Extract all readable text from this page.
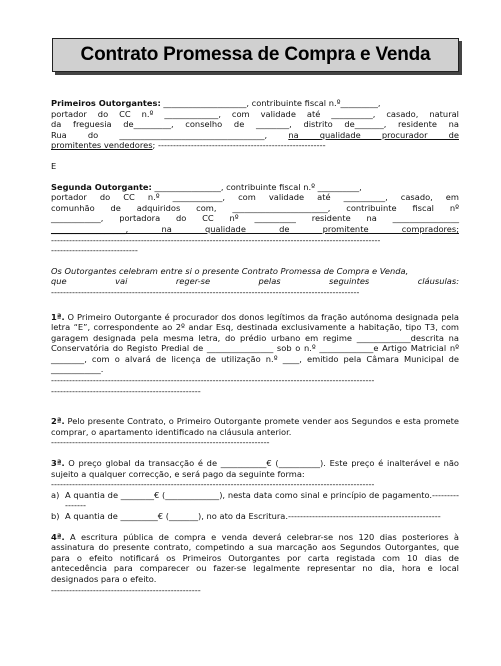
Contrato Promessa de Compra e Venda

Primeiros Outorgantes: ____________________, contribuinte fiscal n.º_________,

portador do CC n.º _____________, com validade até __________, casado, natural

da freguesia de_________, conselho de ________, distrito de_______, residente na

Rua do ___________________________________,	na qualidade procurador de

promitentes vendedores; --------------------------------------------------------

E

Segunda Outorgante: ________________, contribuinte fiscal n.º __________,

portador do CC n.º ____________, com validade até __________, casado, em

comunhão de adquiridos com, _______________________, contribuinte fiscal nº

____________, portadora do CC nº __________ residente na ________________

__________________, na qualidade de promitente compradores;

--------------------------------------------------------------------------------------------------------------

-----------------------------

Os Outorgantes celebram entre si o presente Contrato Promessa de Compra e Venda,

que vai reger-se pelas seguintes cláusulas:

-------------------------------------------------------------------------------------------------------

1ª. O Primeiro Outorgante é procurador dos donos legítimos da fração autónoma designada pela letra “E”, correspondente ao 2º andar Esq, destinada exclusivamente a habitação, tipo T3, com garagem designada pela mesma letra, do prédio urbano em regime _____________descrita na Conservatória do Registo Predial de ________________ sob o n.º _____________e Artigo Matricial nº ________, com o alvará de licença de utilização n.º ____, emitido pela Câmara Municipal de ____________.

------------------------------------------------------------------------------------------------------------

--------------------------------------------------

2ª. Pelo presente Contrato, o Primeiro Outorgante promete vender aos Segundos e esta promete comprar, o apartamento identificado na cláusula anterior.

-------------------------------------------------------------------------

3ª. O preço global da transacção é de ___________€ (__________). Este preço é inalterável e não sujeito a qualquer correcção, e será pago da seguinte forma:

------------------------------------------------------------------------------------------------------------

a) A quantia de ________€ (_____________), nesta data como sinal e princípio de pagamento.----------------
b) A quantia de _________€ (_______), no ato da Escritura.---------------------------------------------------

4ª. A escritura pública de compra e venda deverá celebrar-se nos 120 dias posteriores à assinatura do presente contrato, competindo a sua marcação aos Segundos Outorgantes, que para o efeito notificará os Primeiros Outorgantes por carta registada com 10 dias de antecedência para comparecer ou fazer-se legalmente representar no dia, hora e local designados para o efeito.

--------------------------------------------------
